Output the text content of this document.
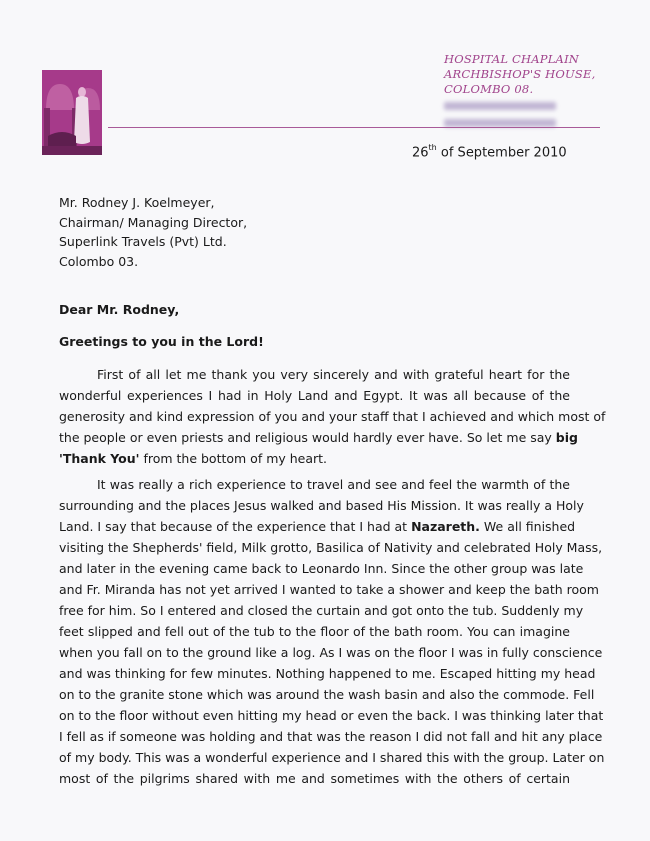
HOSPITAL CHAPLAIN
ARCHBISHOP'S HOUSE,
COLOMBO 08.
26th of September 2010
Mr. Rodney J. Koelmeyer,
Chairman/ Managing Director,
Superlink Travels (Pvt) Ltd.
Colombo 03.
Dear Mr. Rodney,
Greetings to you in the Lord!
First of all let me thank you very sincerely and with grateful heart for the
wonderful experiences I had in Holy Land and Egypt. It was all because of the
generosity and kind expression of you and your staff that I achieved and which most of
the people or even priests and religious would hardly ever have. So let me say big
'Thank You' from the bottom of my heart.
It was really a rich experience to travel and see and feel the warmth of the
surrounding and the places Jesus walked and based His Mission. It was really a Holy
Land. I say that because of the experience that I had at Nazareth. We all finished
visiting the Shepherds' field, Milk grotto, Basilica of Nativity and celebrated Holy Mass,
and later in the evening came back to Leonardo Inn. Since the other group was late
and Fr. Miranda has not yet arrived I wanted to take a shower and keep the bath room
free for him. So I entered and closed the curtain and got onto the tub. Suddenly my
feet slipped and fell out of the tub to the floor of the bath room. You can imagine
when you fall on to the ground like a log. As I was on the floor I was in fully conscience
and was thinking for few minutes. Nothing happened to me. Escaped hitting my head
on to the granite stone which was around the wash basin and also the commode. Fell
on to the floor without even hitting my head or even the back. I was thinking later that
I fell as if someone was holding and that was the reason I did not fall and hit any place
of my body. This was a wonderful experience and I shared this with the group. Later on
most of the pilgrims shared with me and sometimes with the others of certain
